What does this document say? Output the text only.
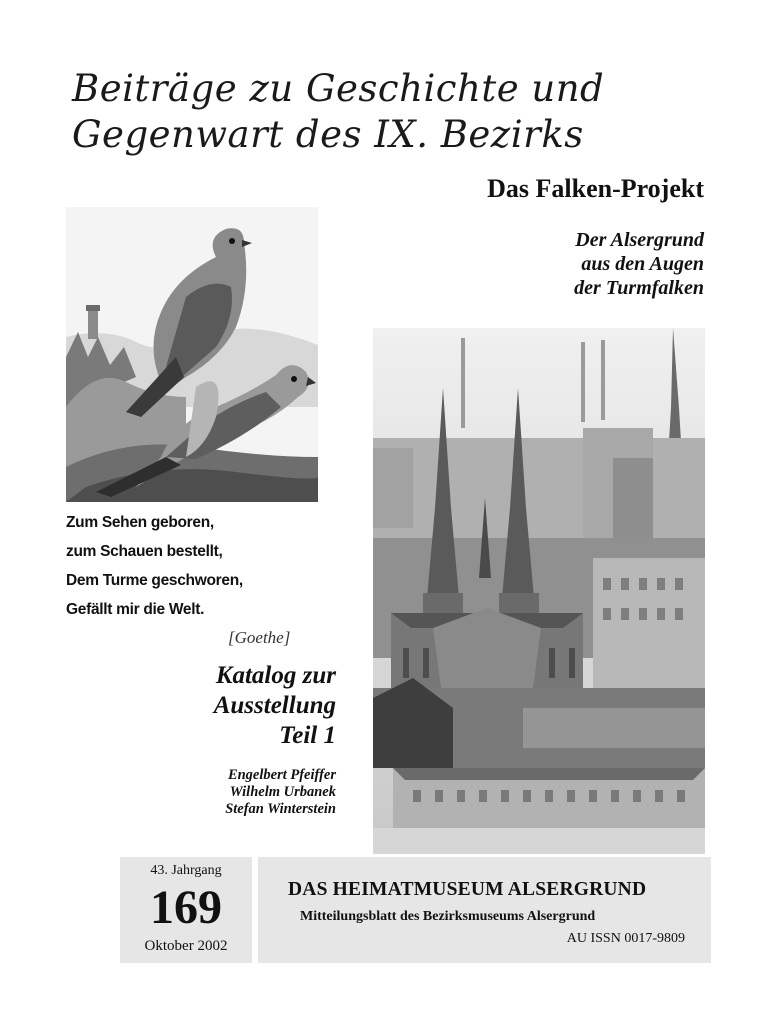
Beiträge zu Geschichte und
Gegenwart des IX. Bezirks
Das Falken-Projekt
Der Alsergrund
aus den Augen
der Turmfalken
Zum Sehen geboren,
zum Schauen bestellt,
Dem Turme geschworen,
Gefällt mir die Welt.
[Goethe]
Katalog zur
Ausstellung
Teil 1
Engelbert Pfeiffer
Wilhelm Urbanek
Stefan Winterstein
43. Jahrgang
169
Oktober 2002
DAS HEIMATMUSEUM ALSERGRUND
Mitteilungsblatt des Bezirksmuseums Alsergrund
AU ISSN 0017-9809
